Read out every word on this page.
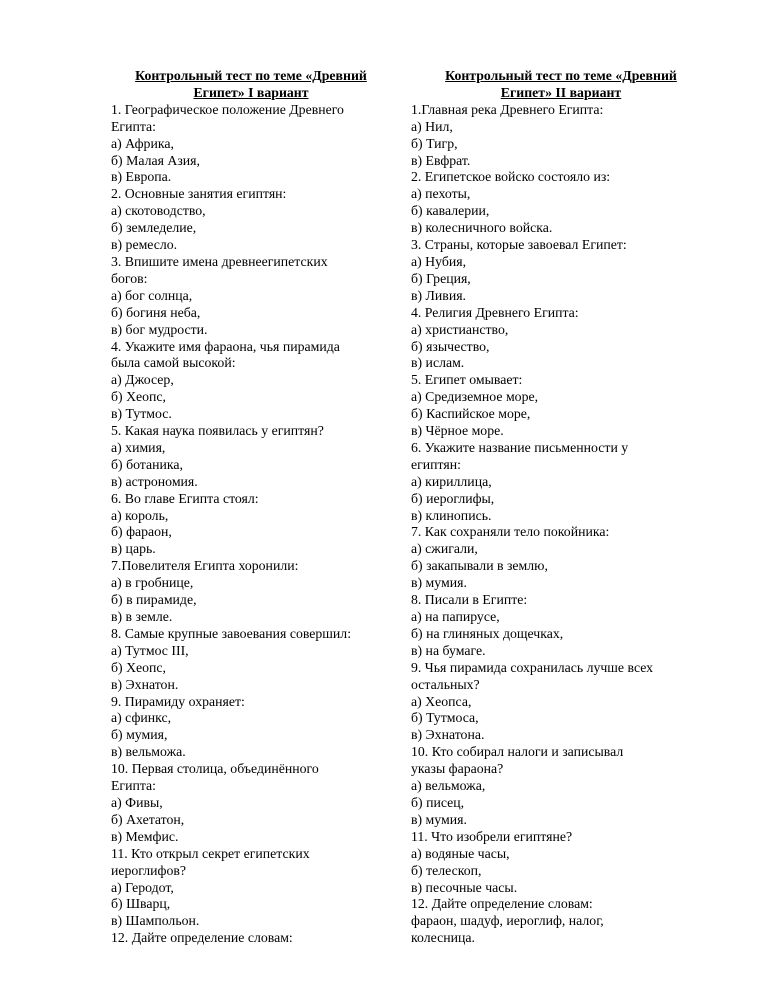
Контрольный тест по теме «Древний
Египет» I вариант
1. Географическое положение Древнего
Египта:
а) Африка,
б) Малая Азия,
в) Европа.
2. Основные занятия египтян:
а) скотоводство,
б) земледелие,
в) ремесло.
3. Впишите имена древнеегипетских
богов:
а) бог солнца,
б) богиня неба,
в) бог мудрости.
4. Укажите имя фараона, чья пирамида
была самой высокой:
а) Джосер,
б) Хеопс,
в) Тутмос.
5. Какая наука появилась у египтян?
а) химия,
б) ботаника,
в) астрономия.
6. Во главе Египта стоял:
а) король,
б) фараон,
в) царь.
7.Повелителя Египта хоронили:
а) в гробнице,
б) в пирамиде,
в) в земле.
8. Самые крупные завоевания совершил:
а) Тутмос III,
б) Хеопс,
в) Эхнатон.
9. Пирамиду охраняет:
а) сфинкс,
б) мумия,
в) вельможа.
10. Первая столица, объединённого
Египта:
а) Фивы,
б) Ахетатон,
в) Мемфис.
11. Кто открыл секрет египетских
иероглифов?
а) Геродот,
б) Шварц,
в) Шампольон.
12. Дайте определение словам:
Контрольный тест по теме «Древний
Египет» II вариант
1.Главная река Древнего Египта:
а) Нил,
б) Тигр,
в) Евфрат.
2. Египетское войско состояло из:
а) пехоты,
б) кавалерии,
в) колесничного войска.
3. Страны, которые завоевал Египет:
а) Нубия,
б) Греция,
в) Ливия.
4. Религия Древнего Египта:
а) христианство,
б) язычество,
в) ислам.
5. Египет омывает:
а) Средиземное море,
б) Каспийское море,
в) Чёрное море.
6. Укажите название письменности у
египтян:
а) кириллица,
б) иероглифы,
в) клинопись.
7. Как сохраняли тело покойника:
а) сжигали,
б) закапывали в землю,
в) мумия.
8. Писали в Египте:
а) на папирусе,
б) на глиняных дощечках,
в) на бумаге.
9. Чья пирамида сохранилась лучше всех
остальных?
а) Хеопса,
б) Тутмоса,
в) Эхнатона.
10. Кто собирал налоги и записывал
указы фараона?
а) вельможа,
б) писец,
в) мумия.
11. Что изобрели египтяне?
а) водяные часы,
б) телескоп,
в) песочные часы.
12. Дайте определение словам:
фараон, шадуф, иероглиф, налог,
колесница.
